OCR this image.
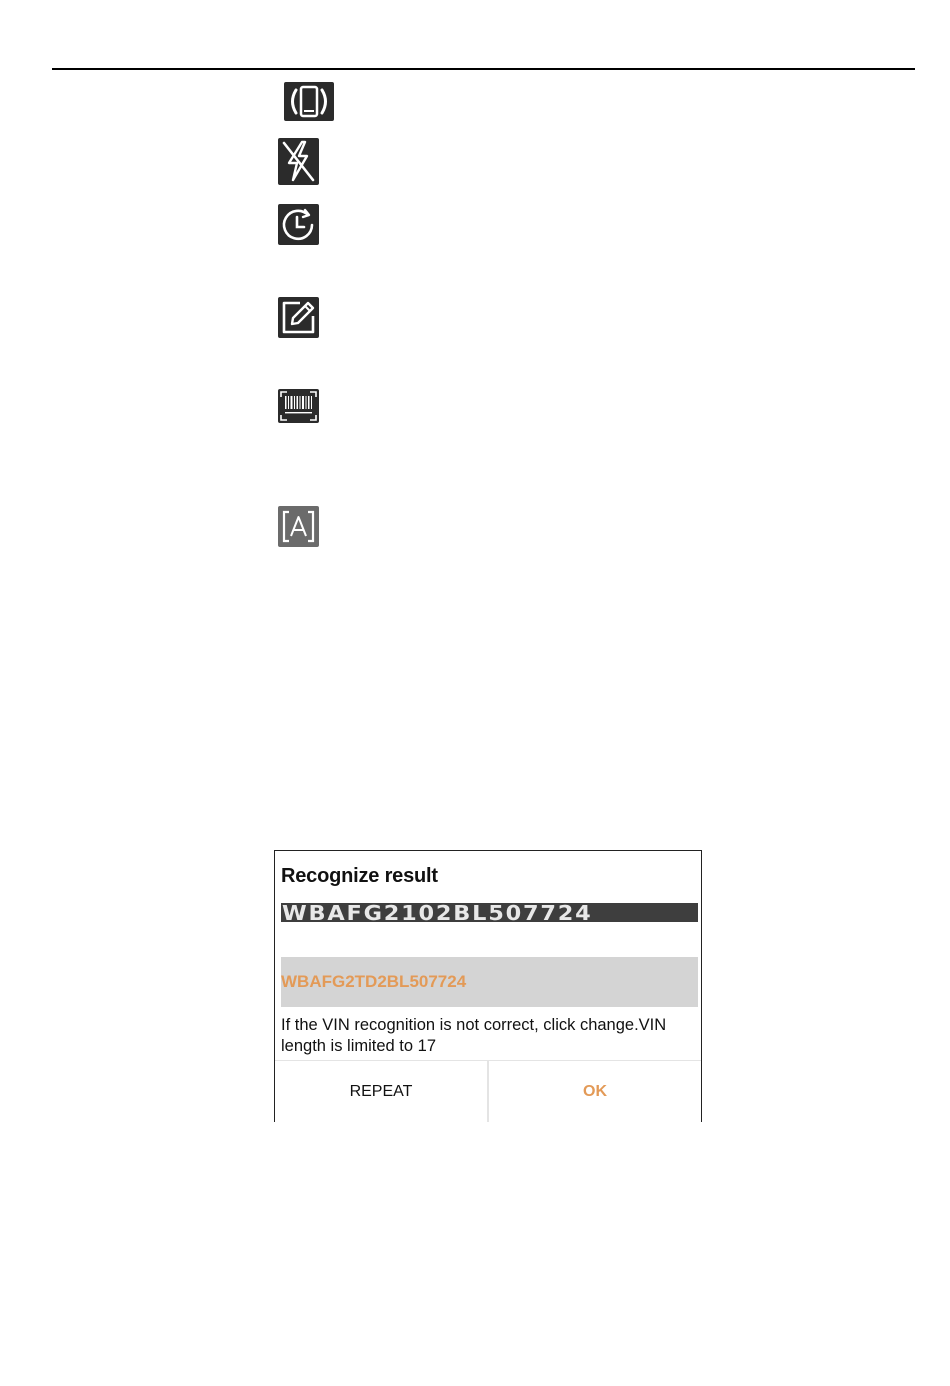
Recognize result
WBAFG2102BL507724
WBAFG2TD2BL507724
If the VIN recognition is not correct, click change.VIN length is limited to 17
REPEAT	OK
